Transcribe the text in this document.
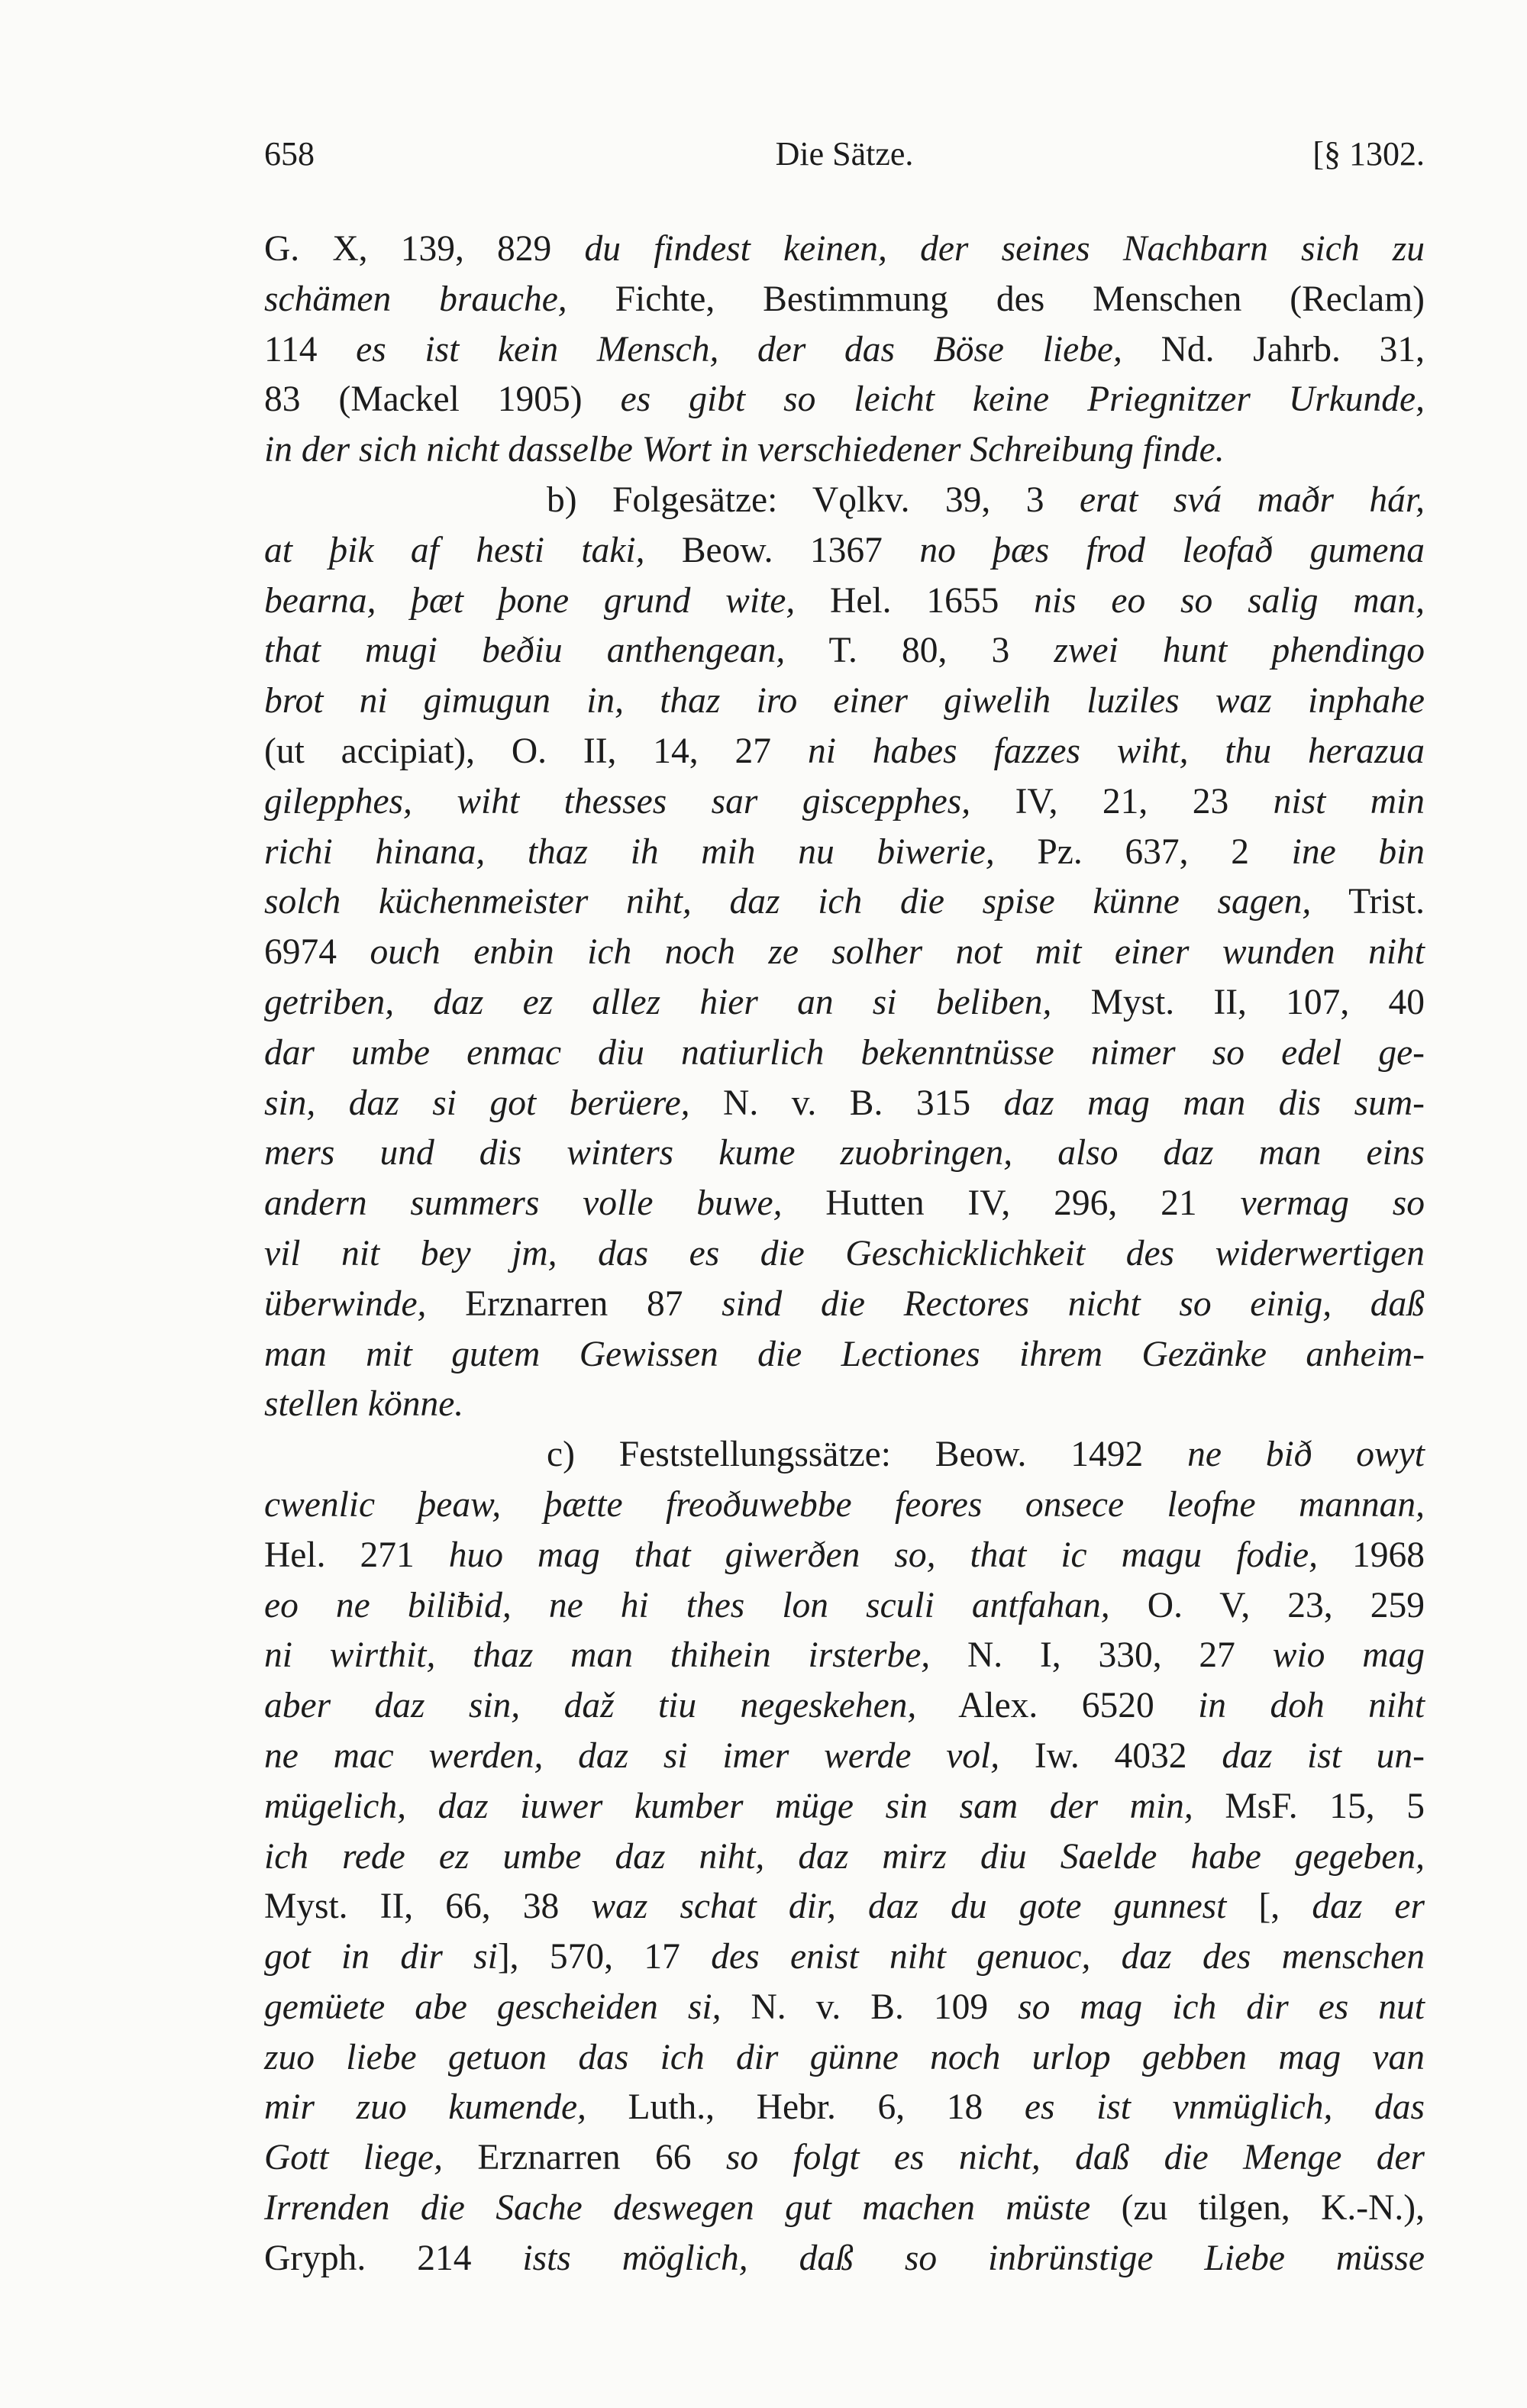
658	Die Sätze.	[§ 1302.
G. X, 139, 829 du findest keinen, der seines Nachbarn sich zu
schämen brauche, Fichte, Bestimmung des Menschen (Reclam)
114 es ist kein Mensch, der das Böse liebe, Nd. Jahrb. 31,
83 (Mackel 1905) es gibt so leicht keine Priegnitzer Urkunde,
in der sich nicht dasselbe Wort in verschiedener Schreibung finde.
b) Folgesätze: Vǫlkv. 39, 3 erat svá maðr hár,
at þik af hesti taki, Beow. 1367 no þæs frod leofað gumena
bearna, þæt þone grund wite, Hel. 1655 nis eo so salig man,
that mugi beðiu anthengean, T. 80, 3 zwei hunt phendingo
brot ni gimugun in, thaz iro einer giwelih luziles waz inphahe
(ut accipiat), O. II, 14, 27 ni habes fazzes wiht, thu herazua
gilepphes, wiht thesses sar giscepphes, IV, 21, 23 nist min
richi hinana, thaz ih mih nu biwerie, Pz. 637, 2 ine bin
solch küchenmeister niht, daz ich die spise künne sagen, Trist.
6974 ouch enbin ich noch ze solher not mit einer wunden niht
getriben, daz ez allez hier an si beliben, Myst. II, 107, 40
dar umbe enmac diu natiurlich bekenntnüsse nimer so edel ge-
sin, daz si got berüere, N. v. B. 315 daz mag man dis sum-
mers und dis winters kume zuobringen, also daz man eins
andern summers volle buwe, Hutten IV, 296, 21 vermag so
vil nit bey jm, das es die Geschicklichkeit des widerwertigen
überwinde, Erznarren 87 sind die Rectores nicht so einig, daß
man mit gutem Gewissen die Lectiones ihrem Gezänke anheim-
stellen könne.
c) Feststellungssätze: Beow. 1492 ne bið owyt
cwenlic þeaw, þætte freoðuwebbe feores onsece leofne mannan,
Hel. 271 huo mag that giwerðen so, that ic magu fodie, 1968
eo ne biliƀid, ne hi thes lon sculi antfahan, O. V, 23, 259
ni wirthit, thaz man thihein irsterbe, N. I, 330, 27 wio mag
aber daz sin, daž tiu negeskehen, Alex. 6520 in doh niht
ne mac werden, daz si imer werde vol, Iw. 4032 daz ist un-
mügelich, daz iuwer kumber müge sin sam der min, MsF. 15, 5
ich rede ez umbe daz niht, daz mirz diu Saelde habe gegeben,
Myst. II, 66, 38 waz schat dir, daz du gote gunnest [, daz er
got in dir si], 570, 17 des enist niht genuoc, daz des menschen
gemüete abe gescheiden si, N. v. B. 109 so mag ich dir es nut
zuo liebe getuon das ich dir günne noch urlop gebben mag van
mir zuo kumende, Luth., Hebr. 6, 18 es ist vnmüglich, das
Gott liege, Erznarren 66 so folgt es nicht, daß die Menge der
Irrenden die Sache deswegen gut machen müste (zu tilgen, K.-N.),
Gryph. 214 ists möglich, daß so inbrünstige Liebe müsse
